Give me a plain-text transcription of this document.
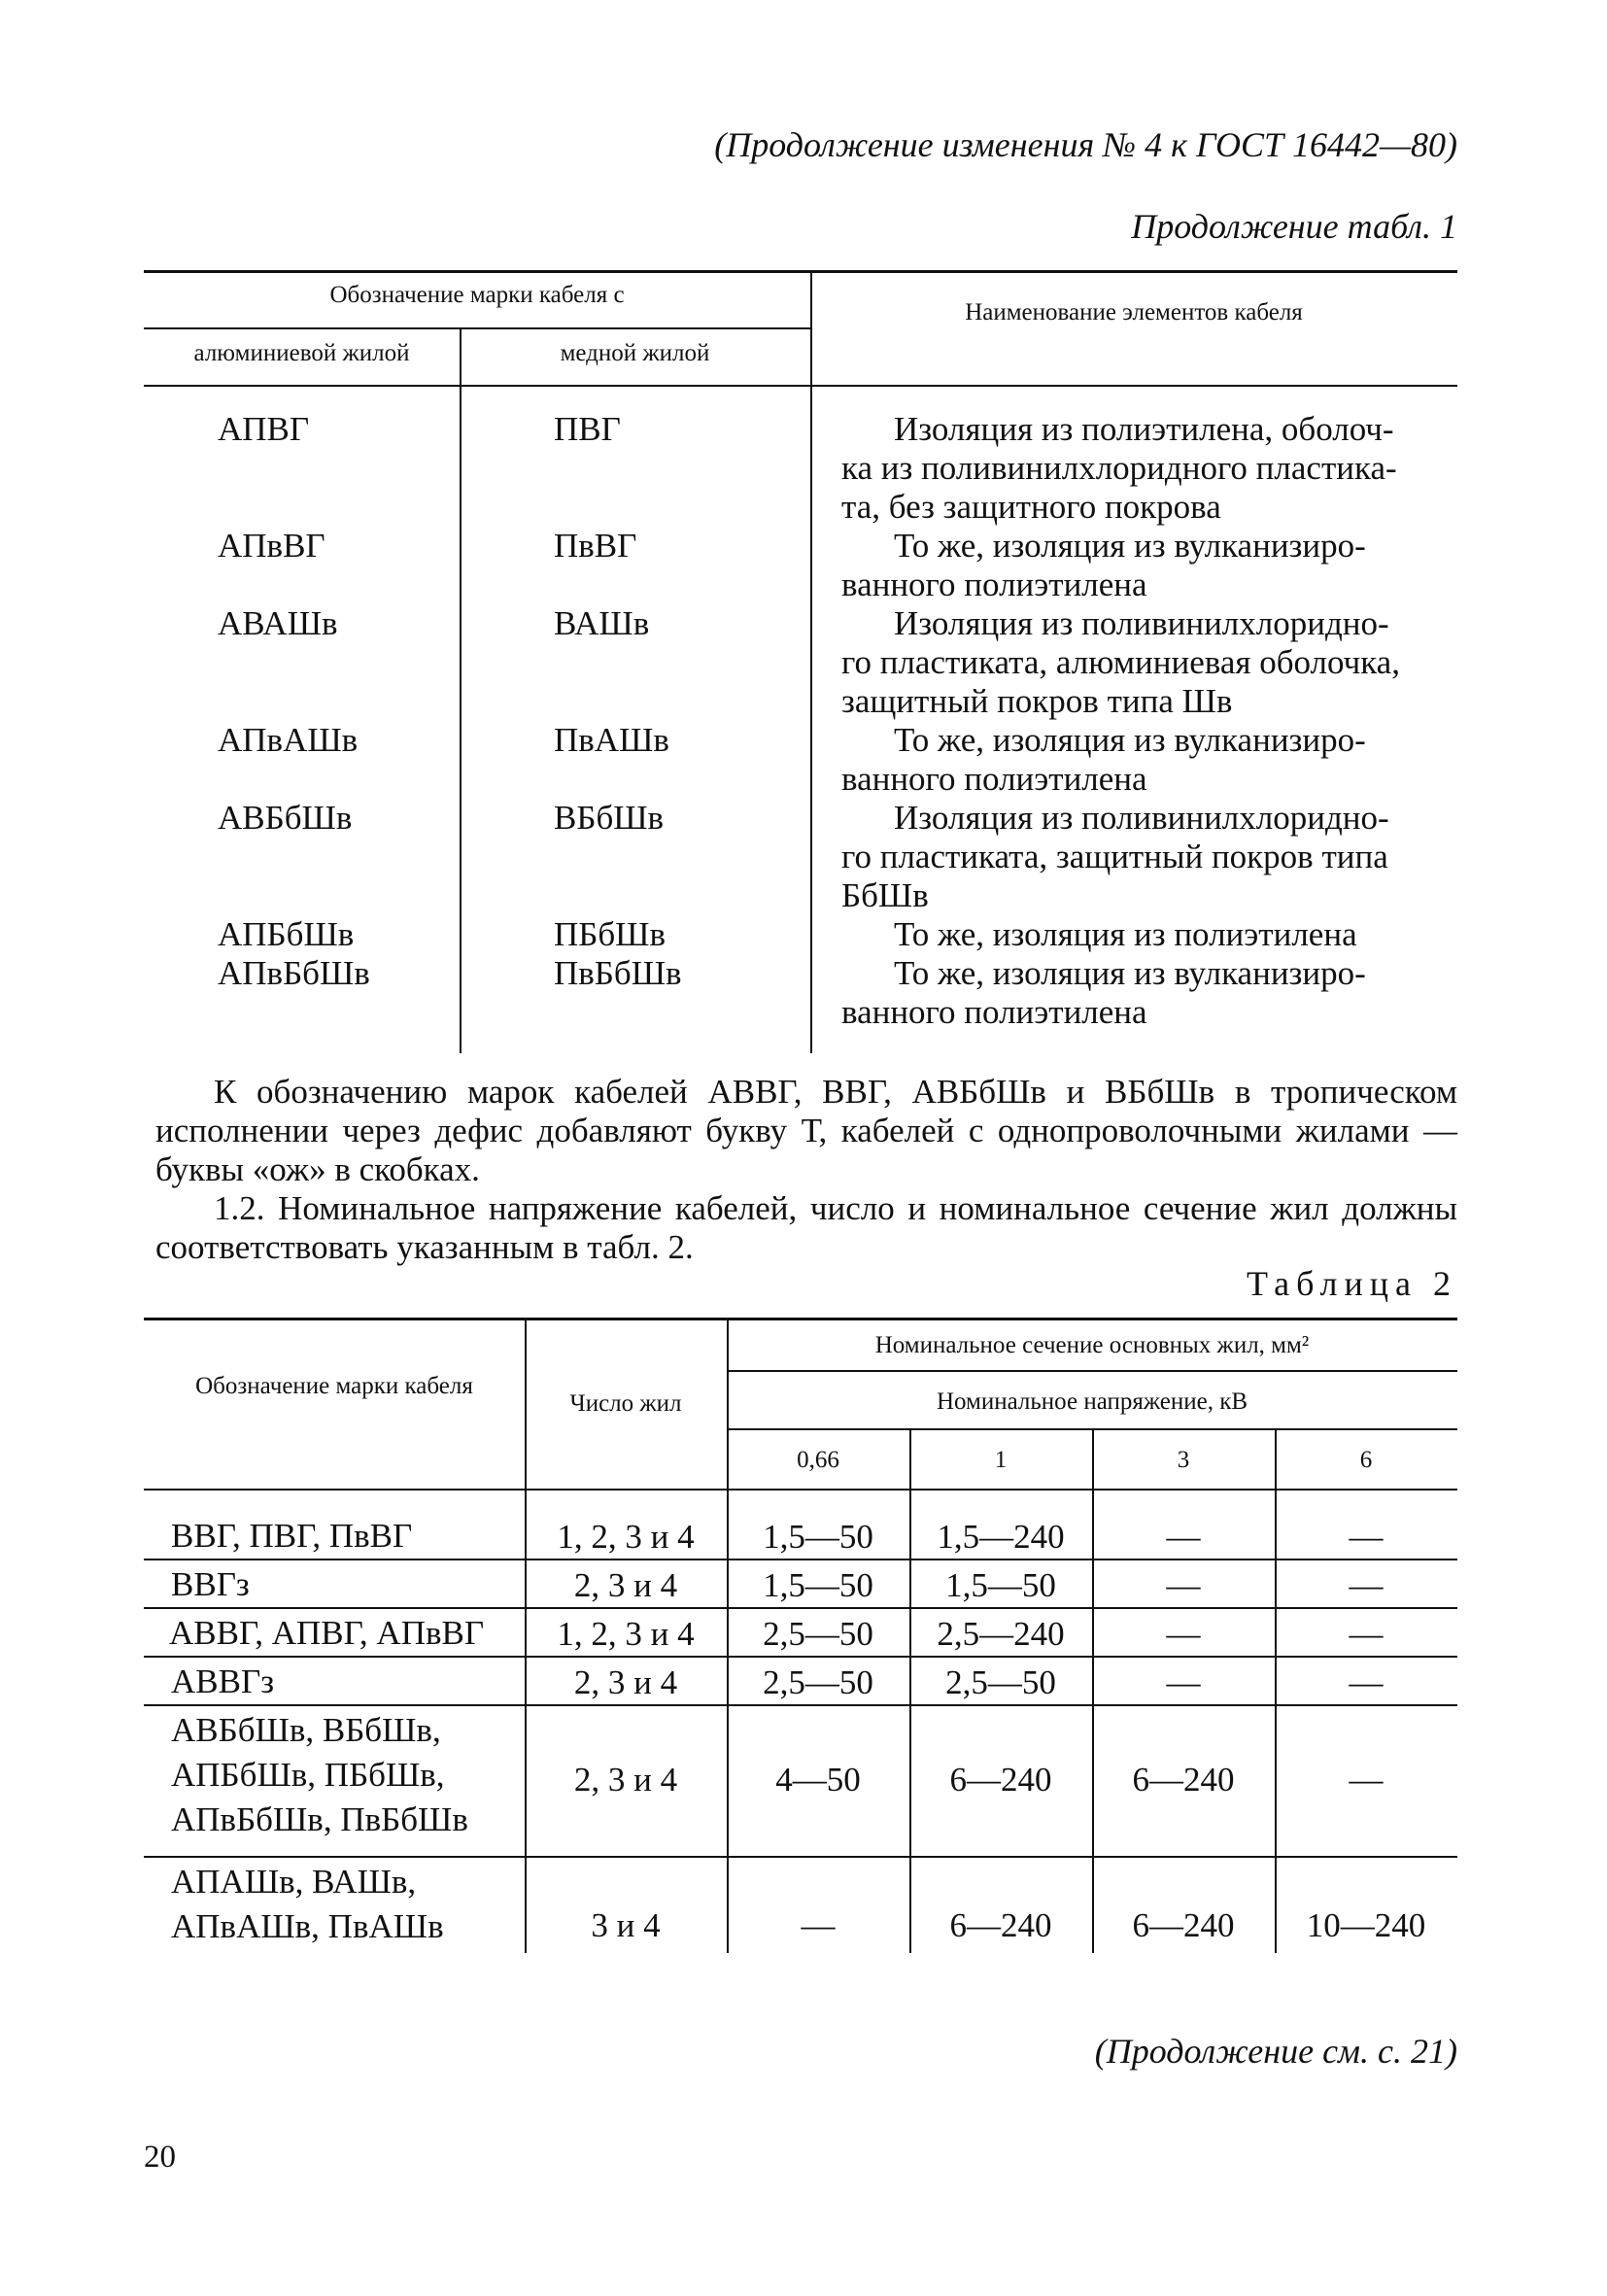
(Продолжение изменения № 4 к ГОСТ 16442—80)
Продолжение табл. 1
Обозначение марки кабеля с
алюминиевой жилой	медной жилой
Наименование элементов кабеля
АПВГ	ПВГ	Изоляция из полиэтилена, оболоч-
ка из поливинилхлоридного пластика-
та, без защитного покрова
АПвВГ	ПвВГ	То же, изоляция из вулканизиро-
ванного полиэтилена
АВАШв	ВАШв	Изоляция из поливинилхлоридно-
го пластиката, алюминиевая оболочка,
защитный покров типа Шв
АПвАШв	ПвАШв	То же, изоляция из вулканизиро-
ванного полиэтилена
АВБбШв	ВБбШв	Изоляция из поливинилхлоридно-
го пластиката, защитный покров типа
БбШв
АПБбШв	ПБбШв	То же, изоляция из полиэтилена
АПвБбШв	ПвБбШв	То же, изоляция из вулканизиро-
ванного полиэтилена
К обозначению марок кабелей АВВГ, ВВГ, АВБбШв и ВБбШв в тропическом исполнении через дефис добавляют букву Т, кабелей с однопроволочными жилами — буквы «ож» в скобках.
1.2. Номинальное напряжение кабелей, число и номинальное сечение жил должны соответствовать указанным в табл. 2.
Таблица 2
Обозначение марки кабеля
Число жил
Номинальное сечение основных жил, мм²
Номинальное напряжение, кВ
0,66	1	3	6
ВВГ, ПВГ, ПвВГ	1, 2, 3 и 4	1,5—50	1,5—240	—	—
ВВГз	2, 3 и 4	1,5—50	1,5—50	—	—
АВВГ, АПВГ, АПвВГ	1, 2, 3 и 4	2,5—50	2,5—240	—	—
АВВГз	2, 3 и 4	2,5—50	2,5—50	—	—
АВБбШв, ВБбШв,
АПБбШв, ПБбШв,
АПвБбШв, ПвБбШв
2, 3 и 4	4—50	6—240	6—240	—
АПАШв, ВАШв,
АПвАШв, ПвАШв	3 и 4	—	6—240	6—240	10—240
(Продолжение см. с. 21)
20
